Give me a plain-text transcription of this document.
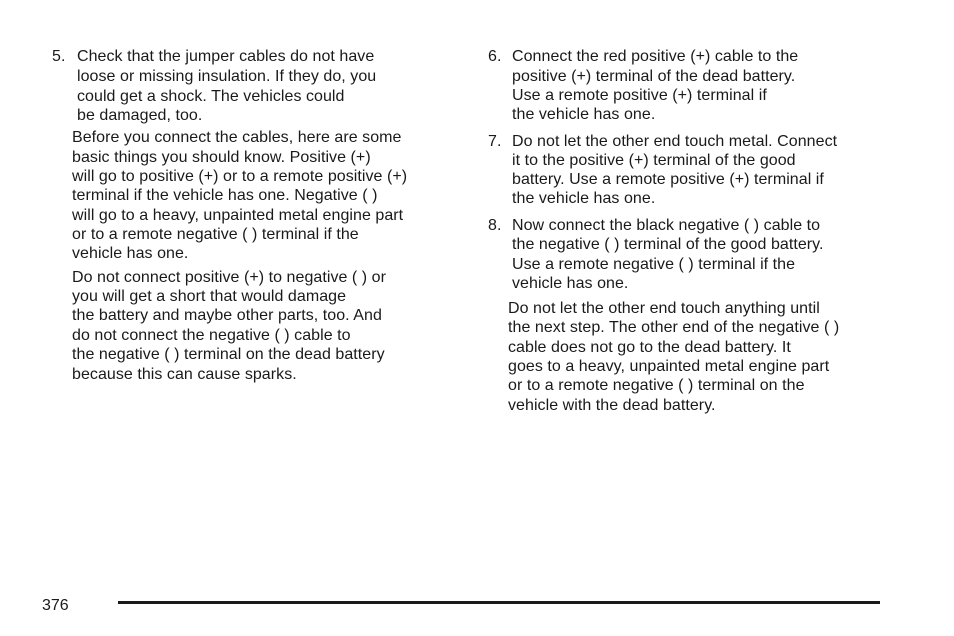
5. Check that the jumper cables do not have
loose or missing insulation. If they do, you
could get a shock. The vehicles could
be damaged, too.
Before you connect the cables, here are some
basic things you should know. Positive (+)
will go to positive (+) or to a remote positive (+)
terminal if the vehicle has one. Negative ( )
will go to a heavy, unpainted metal engine part
or to a remote negative ( ) terminal if the
vehicle has one.
Do not connect positive (+) to negative ( ) or
you will get a short that would damage
the battery and maybe other parts, too. And
do not connect the negative ( ) cable to
the negative ( ) terminal on the dead battery
because this can cause sparks.
6. Connect the red positive (+) cable to the
positive (+) terminal of the dead battery.
Use a remote positive (+) terminal if
the vehicle has one.
7. Do not let the other end touch metal. Connect
it to the positive (+) terminal of the good
battery. Use a remote positive (+) terminal if
the vehicle has one.
8. Now connect the black negative ( ) cable to
the negative ( ) terminal of the good battery.
Use a remote negative ( ) terminal if the
vehicle has one.
Do not let the other end touch anything until
the next step. The other end of the negative ( )
cable does not go to the dead battery. It
goes to a heavy, unpainted metal engine part
or to a remote negative ( ) terminal on the
vehicle with the dead battery.
376
